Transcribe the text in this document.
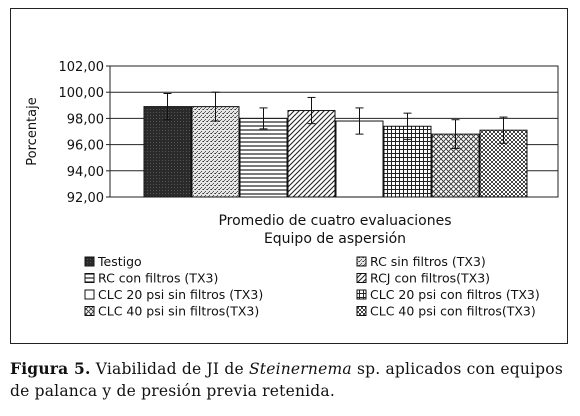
102,00
100,00
98,00
96,00
94,00
92,00
Porcentaje
Promedio de cuatro evaluaciones
Equipo de aspersión
Testigo	RC sin filtros (TX3)
RC con filtros (TX3)	RCJ con filtros(TX3)
CLC 20 psi sin filtros (TX3)	CLC 20 psi con filtros (TX3)
CLC 40 psi sin filtros(TX3)	CLC 40 psi con filtros(TX3)
Figura 5. Viabilidad de JI de Steinernema sp. aplicados con equipos de palanca y de presión previa retenida.
